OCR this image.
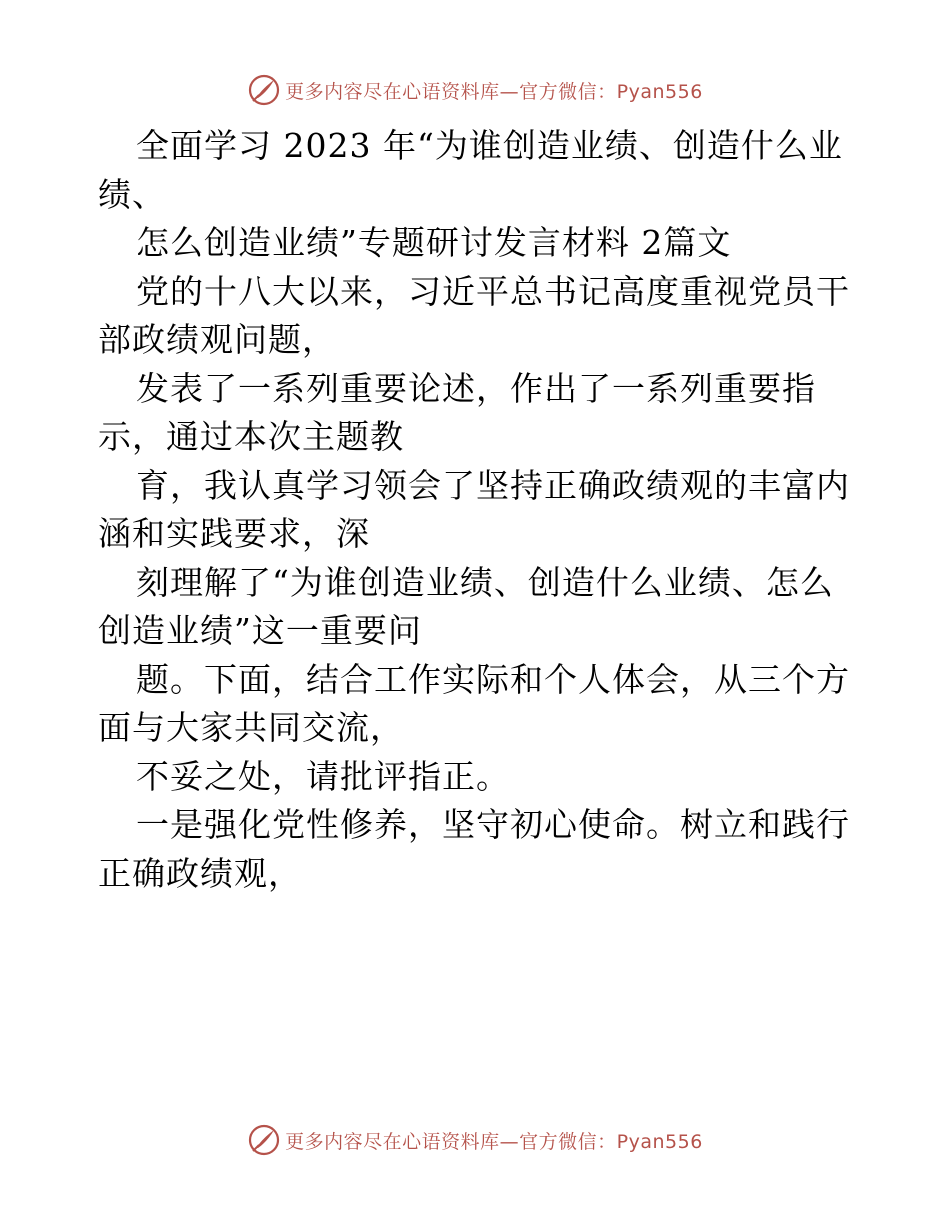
更多内容尽在心语资料库—官方微信：Pyan556
全面学习 2023 年“为谁创造业绩、创造什么业
绩、
怎么创造业绩”专题研讨发言材料 2篇文
党的十八大以来，习近平总书记高度重视党员干
部政绩观问题，
发表了一系列重要论述，作出了一系列重要指
示，通过本次主题教
育，我认真学习领会了坚持正确政绩观的丰富内
涵和实践要求，深
刻理解了“为谁创造业绩、创造什么业绩、怎么
创造业绩”这一重要问
题。下面，结合工作实际和个人体会，从三个方
面与大家共同交流，
不妥之处，请批评指正。
一是强化党性修养，坚守初心使命。树立和践行
正确政绩观，
更多内容尽在心语资料库—官方微信：Pyan556
